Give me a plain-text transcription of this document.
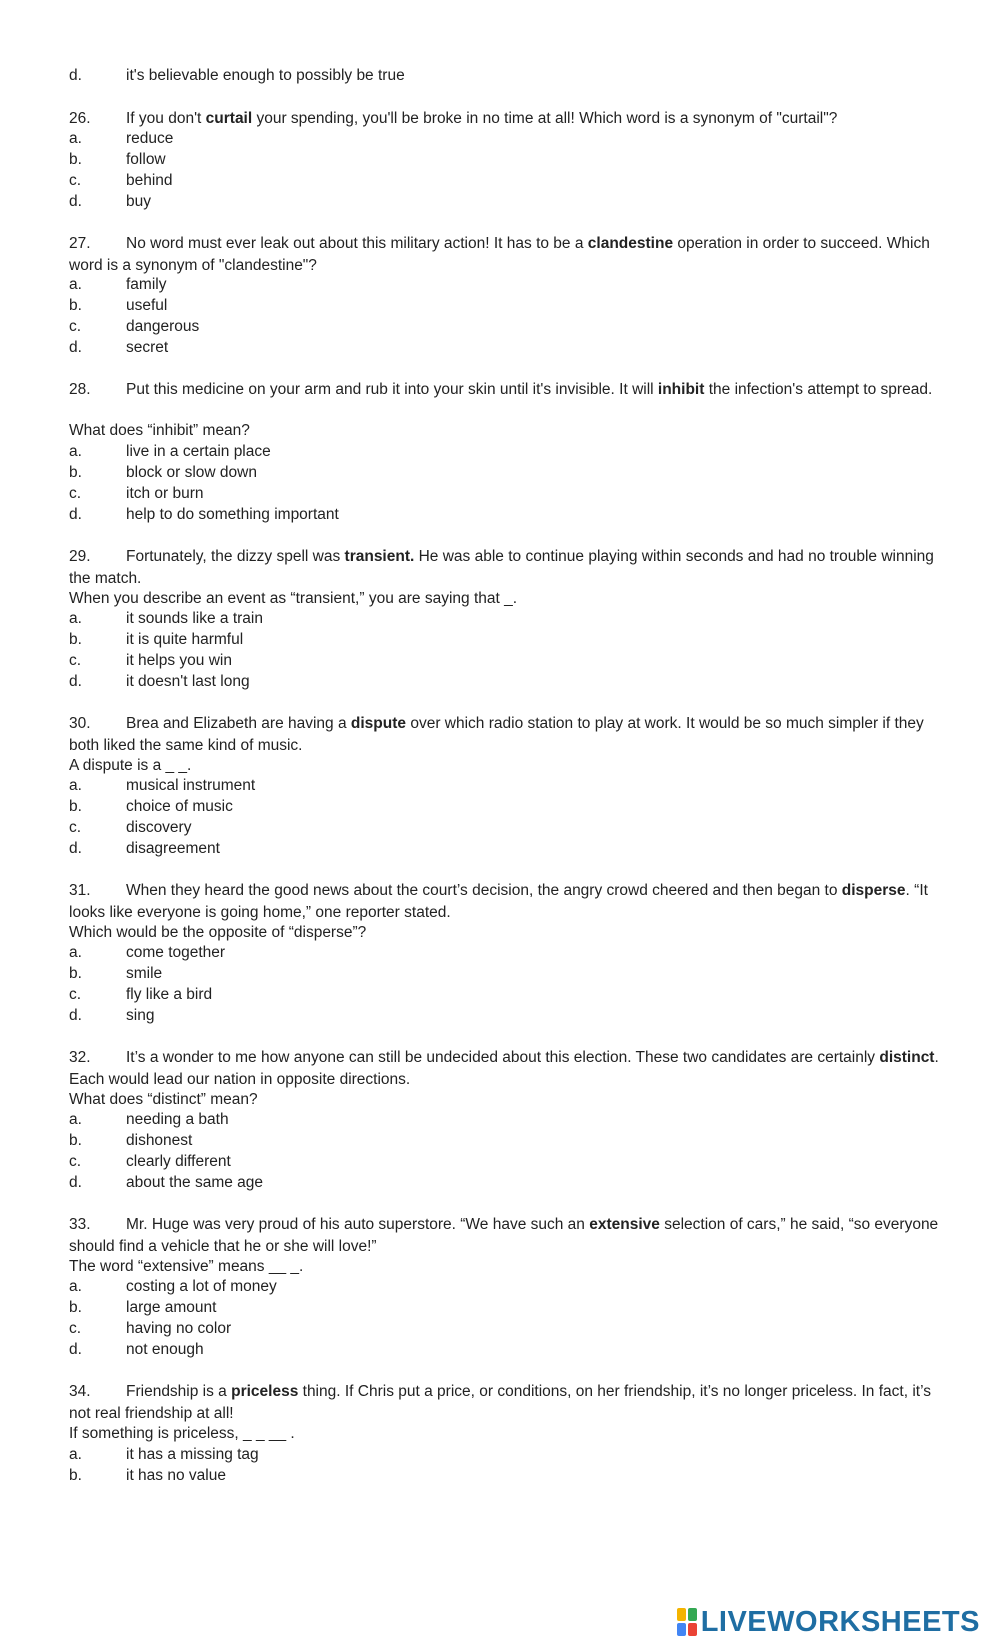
d.	it's believable enough to possibly be true
26. If you don't curtail your spending, you'll be broke in no time at all! Which word is a synonym of "curtail"?
a.	reduce
b.	follow
c.	behind
d.	buy
27. No word must ever leak out about this military action! It has to be a clandestine operation in order to succeed. Which word is a synonym of "clandestine"?
a.	family
b.	useful
c.	dangerous
d.	secret
28. Put this medicine on your arm and rub it into your skin until it's invisible. It will inhibit the infection's attempt to spread.
What does “inhibit” mean?
a.	live in a certain place
b.	block or slow down
c.	itch or burn
d.	help to do something important
29. Fortunately, the dizzy spell was transient. He was able to continue playing within seconds and had no trouble winning the match.
When you describe an event as “transient,” you are saying that _.
a.	it sounds like a train
b.	it is quite harmful
c.	it helps you win
d.	it doesn't last long
30. Brea and Elizabeth are having a dispute over which radio station to play at work. It would be so much simpler if they both liked the same kind of music.
A dispute is a _ _.
a.	musical instrument
b.	choice of music
c.	discovery
d.	disagreement
31. When they heard the good news about the court’s decision, the angry crowd cheered and then began to disperse. “It looks like everyone is going home,” one reporter stated.
Which would be the opposite of “disperse”?
a.	come together
b.	smile
c.	fly like a bird
d.	sing
32. It’s a wonder to me how anyone can still be undecided about this election. These two candidates are certainly distinct. Each would lead our nation in opposite directions.
What does “distinct” mean?
a.	needing a bath
b.	dishonest
c.	clearly different
d.	about the same age
33. Mr. Huge was very proud of his auto superstore. “We have such an extensive selection of cars,” he said, “so everyone should find a vehicle that he or she will love!”
The word “extensive” means __ _.
a.	costing a lot of money
b.	large amount
c.	having no color
d.	not enough
34. Friendship is a priceless thing. If Chris put a price, or conditions, on her friendship, it’s no longer priceless. In fact, it’s not real friendship at all!
If something is priceless, _ _ __ .
a.	it has a missing tag
b.	it has no value
LIVEWORKSHEETS
